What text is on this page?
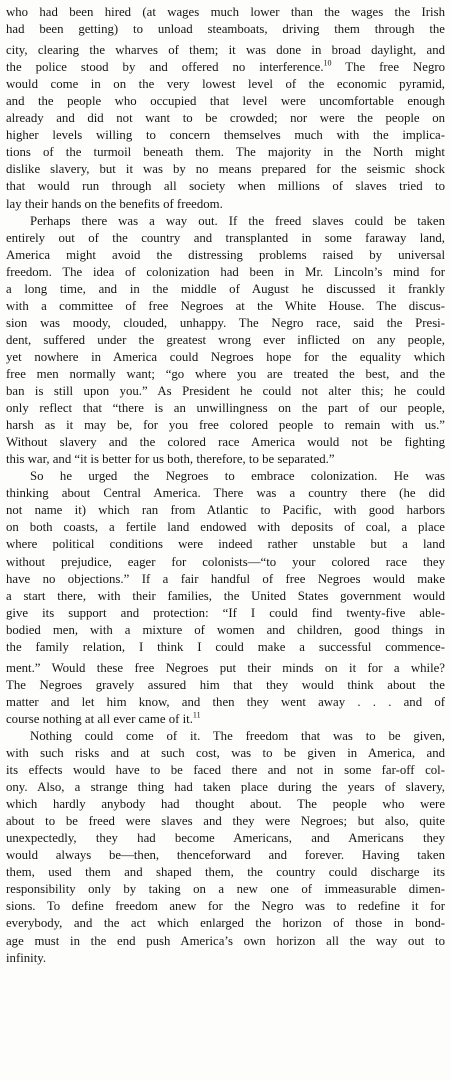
who had been hired (at wages much lower than the wages the Irish
had been getting) to unload steamboats, driving them through the
city, clearing the wharves of them; it was done in broad daylight, and
the police stood by and offered no interference.$^{10}$ The free Negro
would come in on the very lowest level of the economic pyramid,
and the people who occupied that level were uncomfortable enough
already and did not want to be crowded; nor were the people on
higher levels willing to concern themselves much with the implica-
tions of the turmoil beneath them. The majority in the North might
dislike slavery, but it was by no means prepared for the seismic shock
that would run through all society when millions of slaves tried to
lay their hands on the benefits of freedom.
Perhaps there was a way out. If the freed slaves could be taken
entirely out of the country and transplanted in some faraway land,
America might avoid the distressing problems raised by universal
freedom. The idea of colonization had been in Mr. Lincoln’s mind for
a long time, and in the middle of August he discussed it frankly
with a committee of free Negroes at the White House. The discus-
sion was moody, clouded, unhappy. The Negro race, said the Presi-
dent, suffered under the greatest wrong ever inflicted on any people,
yet nowhere in America could Negroes hope for the equality which
free men normally want; “go where you are treated the best, and the
ban is still upon you.” As President he could not alter this; he could
only reflect that “there is an unwillingness on the part of our people,
harsh as it may be, for you free colored people to remain with us.”
Without slavery and the colored race America would not be fighting
this war, and “it is better for us both, therefore, to be separated.”
So he urged the Negroes to embrace colonization. He was
thinking about Central America. There was a country there (he did
not name it) which ran from Atlantic to Pacific, with good harbors
on both coasts, a fertile land endowed with deposits of coal, a place
where political conditions were indeed rather unstable but a land
without prejudice, eager for colonists—“to your colored race they
have no objections.” If a fair handful of free Negroes would make
a start there, with their families, the United States government would
give its support and protection: “If I could find twenty-five able-
bodied men, with a mixture of women and children, good things in
the family relation, I think I could make a successful commence-
ment.” Would these free Negroes put their minds on it for a while?
The Negroes gravely assured him that they would think about the
matter and let him know, and then they went away . . . and of
course nothing at all ever came of it.$^{11}$
Nothing could come of it. The freedom that was to be given,
with such risks and at such cost, was to be given in America, and
its effects would have to be faced there and not in some far-off col-
ony. Also, a strange thing had taken place during the years of slavery,
which hardly anybody had thought about. The people who were
about to be freed were slaves and they were Negroes; but also, quite
unexpectedly, they had become Americans, and Americans they
would always be—then, thenceforward and forever. Having taken
them, used them and shaped them, the country could discharge its
responsibility only by taking on a new one of immeasurable dimen-
sions. To define freedom anew for the Negro was to redefine it for
everybody, and the act which enlarged the horizon of those in bond-
age must in the end push America’s own horizon all the way out to
infinity.
